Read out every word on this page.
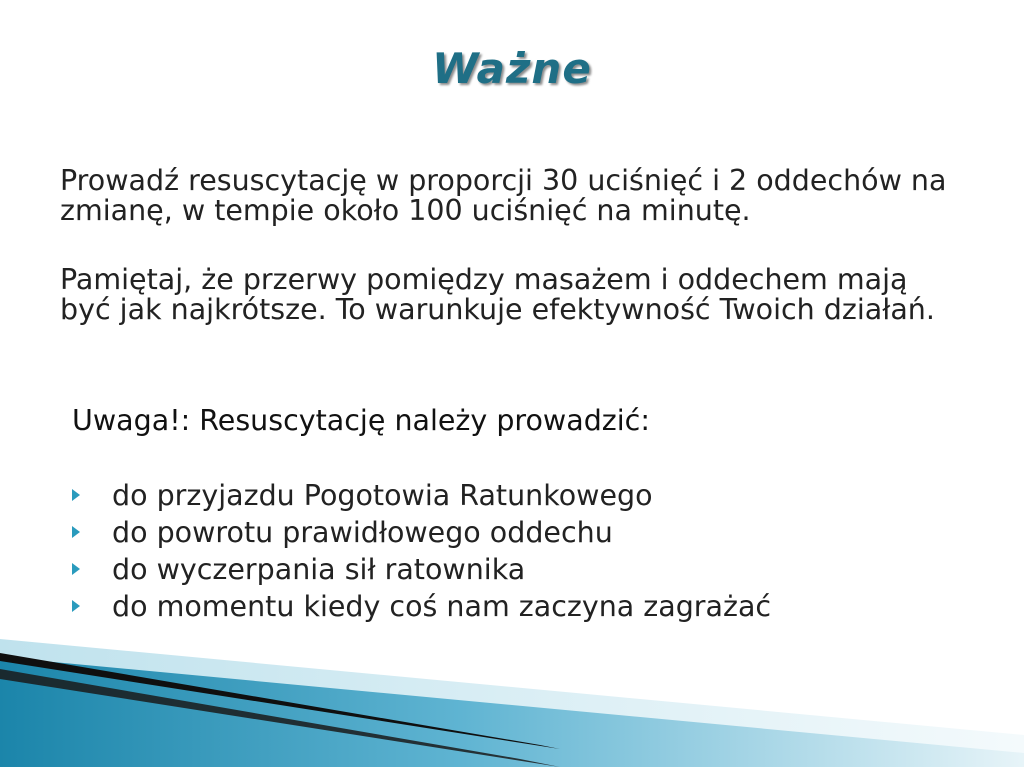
Ważne
Prowadź resuscytację w proporcji 30 uciśnięć i 2 oddechów na zmianę, w tempie około 100 uciśnięć na minutę.
Pamiętaj, że przerwy pomiędzy masażem i oddechem mają być jak najkrótsze. To warunkuje efektywność Twoich działań.
Uwaga!: Resuscytację należy prowadzić:
do przyjazdu Pogotowia Ratunkowego
do powrotu prawidłowego oddechu
do wyczerpania sił ratownika
do momentu kiedy coś nam zaczyna zagrażać
